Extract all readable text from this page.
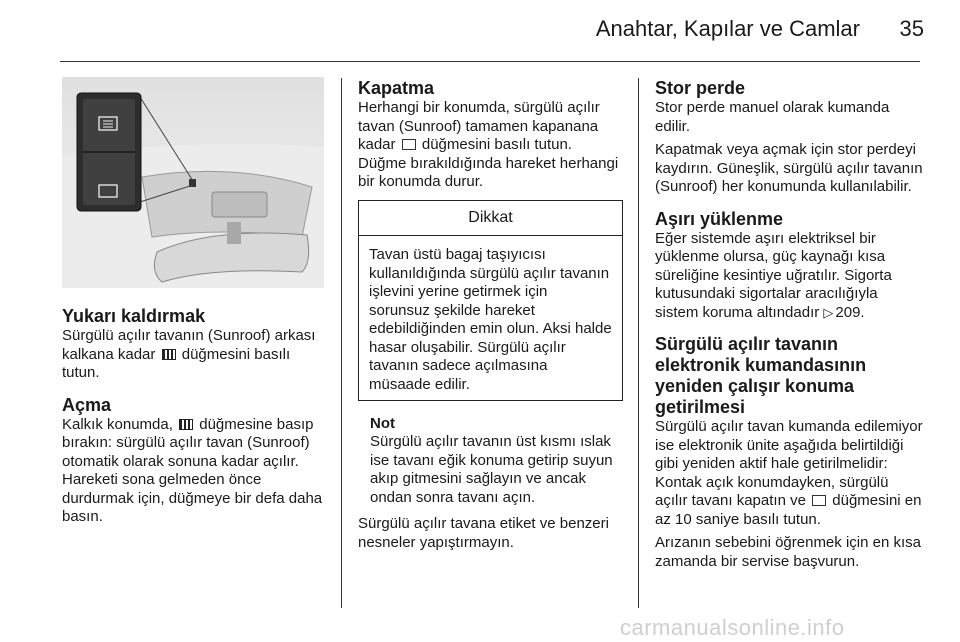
Anahtar, Kapılar ve Camlar	35
Yukarı kaldırmak

Sürgülü açılır tavanın (Sunroof) arkası kalkana kadar düğmesini basılı tutun.

Açma

Kalkık konumda, düğmesine basıp bırakın: sürgülü açılır tavan (Sunroof) otomatik olarak sonuna kadar açılır. Hareketi sona gelmeden önce durdurmak için, düğmeye bir defa daha basın.

Kapatma

Herhangi bir konumda, sürgülü açılır tavan (Sunroof) tamamen kapanana kadar düğmesini basılı tutun. Düğme bırakıldığında hareket herhangi bir konumda durur.

Dikkat
Tavan üstü bagaj taşıyıcısı kullanıldığında sürgülü açılır tavanın işlevini yerine getirmek için sorunsuz şekilde hareket edebildiğinden emin olun. Aksi halde hasar oluşabilir. Sürgülü açılır tavanın sadece açılmasına müsaade edilir.
Not
Sürgülü açılır tavanın üst kısmı ıslak ise tavanı eğik konuma getirip suyun akıp gitmesini sağlayın ve ancak ondan sonra tavanı açın.

Sürgülü açılır tavana etiket ve benzeri nesneler yapıştırmayın.

Stor perde

Stor perde manuel olarak kumanda edilir.

Kapatmak veya açmak için stor perdeyi kaydırın. Güneşlik, sürgülü açılır tavanın (Sunroof) her konumunda kullanılabilir.

Aşırı yüklenme

Eğer sistemde aşırı elektriksel bir yüklenme olursa, güç kaynağı kısa süreliğine kesintiye uğratılır. Sigorta kutusundaki sigortalar aracılığıyla sistem koruma altındadır ▷ 209.

Sürgülü açılır tavanın elektronik kumandasının yeniden çalışır konuma getirilmesi

Sürgülü açılır tavan kumanda edilemiyor ise elektronik ünite aşağıda belirtildiği gibi yeniden aktif hale getirilmelidir: Kontak açık konumdayken, sürgülü açılır tavanı kapatın ve düğmesini en az 10 saniye basılı tutun.

Arızanın sebebini öğrenmek için en kısa zamanda bir servise başvurun.

carmanualsonline.info
